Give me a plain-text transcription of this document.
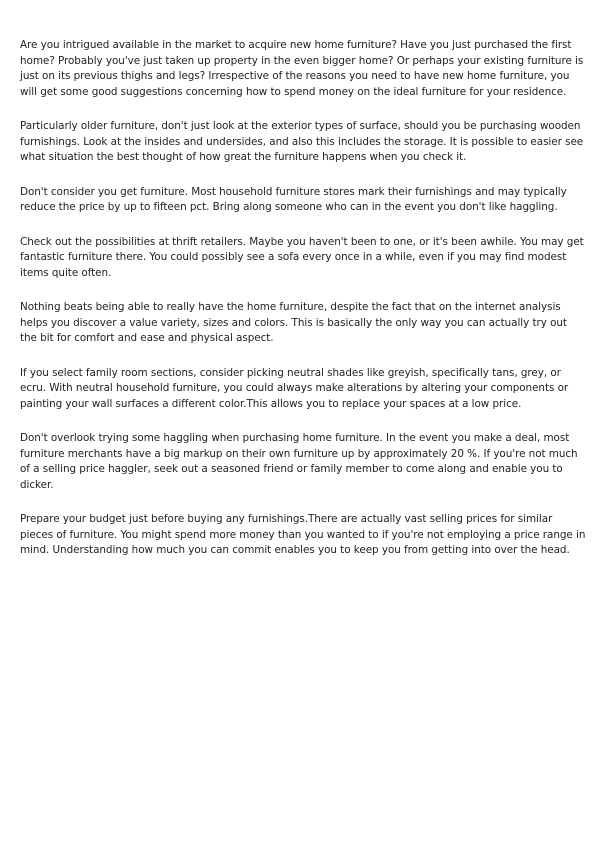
Are you intrigued available in the market to acquire new home furniture? Have you just purchased the first home? Probably you've just taken up property in the even bigger home? Or perhaps your existing furniture is just on its previous thighs and legs? Irrespective of the reasons you need to have new home furniture, you will get some good suggestions concerning how to spend money on the ideal furniture for your residence.

Particularly older furniture, don't just look at the exterior types of surface, should you be purchasing wooden furnishings. Look at the insides and undersides, and also this includes the storage. It is possible to easier see what situation the best thought of how great the furniture happens when you check it.

Don't consider you get furniture. Most household furniture stores mark their furnishings and may typically reduce the price by up to fifteen pct. Bring along someone who can in the event you don't like haggling.

Check out the possibilities at thrift retailers. Maybe you haven't been to one, or it's been awhile. You may get fantastic furniture there. You could possibly see a sofa every once in a while, even if you may find modest items quite often.

Nothing beats being able to really have the home furniture, despite the fact that on the internet analysis helps you discover a value variety, sizes and colors. This is basically the only way you can actually try out the bit for comfort and ease and physical aspect.

If you select family room sections, consider picking neutral shades like greyish, specifically tans, grey, or ecru. With neutral household furniture, you could always make alterations by altering your components or painting your wall surfaces a different color.This allows you to replace your spaces at a low price.

Don't overlook trying some haggling when purchasing home furniture. In the event you make a deal, most furniture merchants have a big markup on their own furniture up by approximately 20 %. If you're not much of a selling price haggler, seek out a seasoned friend or family member to come along and enable you to dicker.

Prepare your budget just before buying any furnishings.There are actually vast selling prices for similar pieces of furniture. You might spend more money than you wanted to if you're not employing a price range in mind. Understanding how much you can commit enables you to keep you from getting into over the head.
